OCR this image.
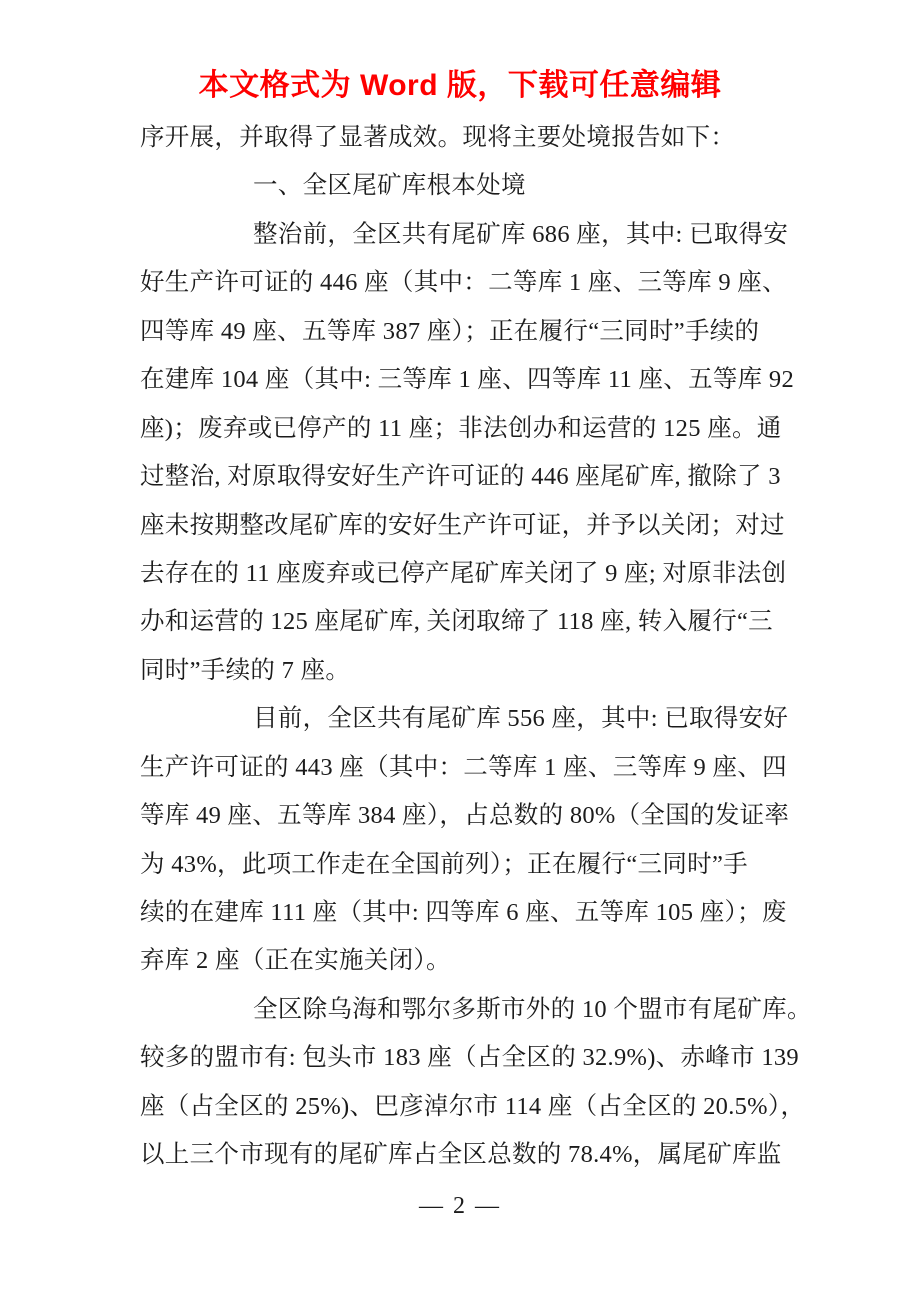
本文格式为 Word 版，下载可任意编辑
序开展，并取得了显著成效。现将主要处境报告如下：
一、全区尾矿库根本处境
整治前，全区共有尾矿库 686 座，其中: 已取得安
好生产许可证的 446 座（其中：二等库 1 座、三等库 9 座、
四等库 49 座、五等库 387 座）；正在履行“三同时”手续的
在建库 104 座（其中: 三等库 1 座、四等库 11 座、五等库 92
座)；废弃或已停产的 11 座；非法创办和运营的 125 座。通
过整治, 对原取得安好生产许可证的 446 座尾矿库, 撤除了 3
座未按期整改尾矿库的安好生产许可证，并予以关闭；对过
去存在的 11 座废弃或已停产尾矿库关闭了 9 座; 对原非法创
办和运营的 125 座尾矿库, 关闭取缔了 118 座, 转入履行“三
同时”手续的 7 座。
目前，全区共有尾矿库 556 座，其中: 已取得安好
生产许可证的 443 座（其中：二等库 1 座、三等库 9 座、四
等库 49 座、五等库 384 座），占总数的 80%（全国的发证率
为 43%，此项工作走在全国前列）；正在履行“三同时”手
续的在建库 111 座（其中: 四等库 6 座、五等库 105 座）；废
弃库 2 座（正在实施关闭）。
全区除乌海和鄂尔多斯市外的 10 个盟市有尾矿库。
较多的盟市有: 包头市 183 座（占全区的 32.9%)、赤峰市 139
座（占全区的 25%)、巴彦淖尔市 114 座（占全区的 20.5%），
以上三个市现有的尾矿库占全区总数的 78.4%，属尾矿库监
— 2 —
